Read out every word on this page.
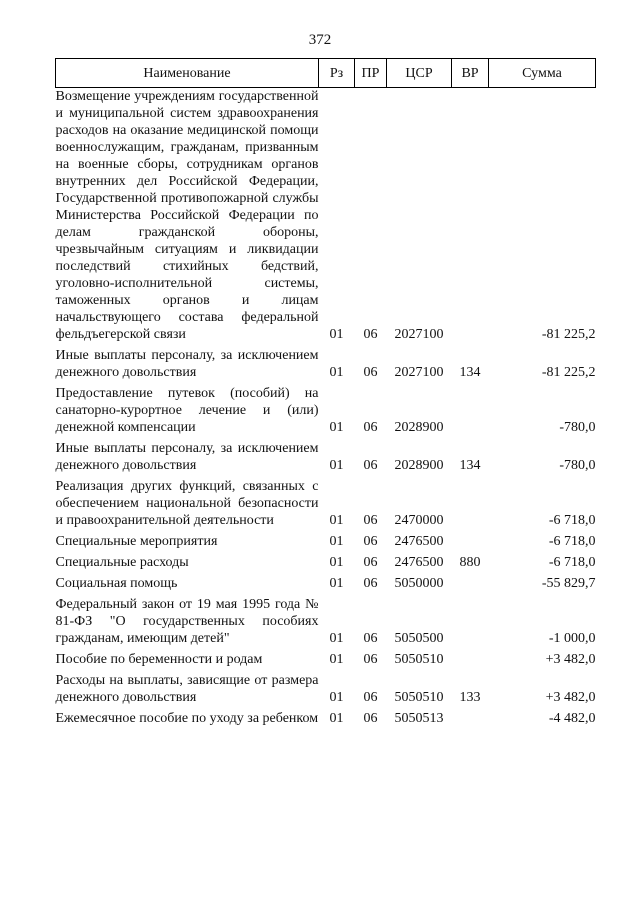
372
Наименование	Рз	ПР	ЦСР	ВР	Сумма
Возмещение учреждениям государственной и муниципальной систем здравоохранения расходов на оказание медицинской помощи военнослужащим, гражданам, призванным на военные сборы, сотрудникам органов внутренних дел Российской Федерации, Государственной противопожарной службы Министерства Российской Федерации по делам гражданской обороны, чрезвычайным ситуациям и ликвидации последствий стихийных бедствий, уголовно-исполнительной системы, таможенных органов и лицам начальствующего состава федеральной фельдъегерской связи	01	06	2027100		-81 225,2
Иные выплаты персоналу, за исключением денежного довольствия	01	06	2027100	134	-81 225,2
Предоставление путевок (пособий) на санаторно-курортное лечение и (или) денежной компенсации	01	06	2028900		-780,0
Иные выплаты персоналу, за исключением денежного довольствия	01	06	2028900	134	-780,0
Реализация других функций, связанных с обеспечением национальной безопасности и правоохранительной деятельности	01	06	2470000		-6 718,0
Специальные мероприятия	01	06	2476500		-6 718,0
Специальные расходы	01	06	2476500	880	-6 718,0
Социальная помощь	01	06	5050000		-55 829,7
Федеральный закон от 19 мая 1995 года № 81-ФЗ "О государственных пособиях гражданам, имеющим детей"	01	06	5050500		-1 000,0
Пособие по беременности и родам	01	06	5050510		+3 482,0
Расходы на выплаты, зависящие от размера денежного довольствия	01	06	5050510	133	+3 482,0
Ежемесячное пособие по уходу за ребенком	01	06	5050513		-4 482,0
